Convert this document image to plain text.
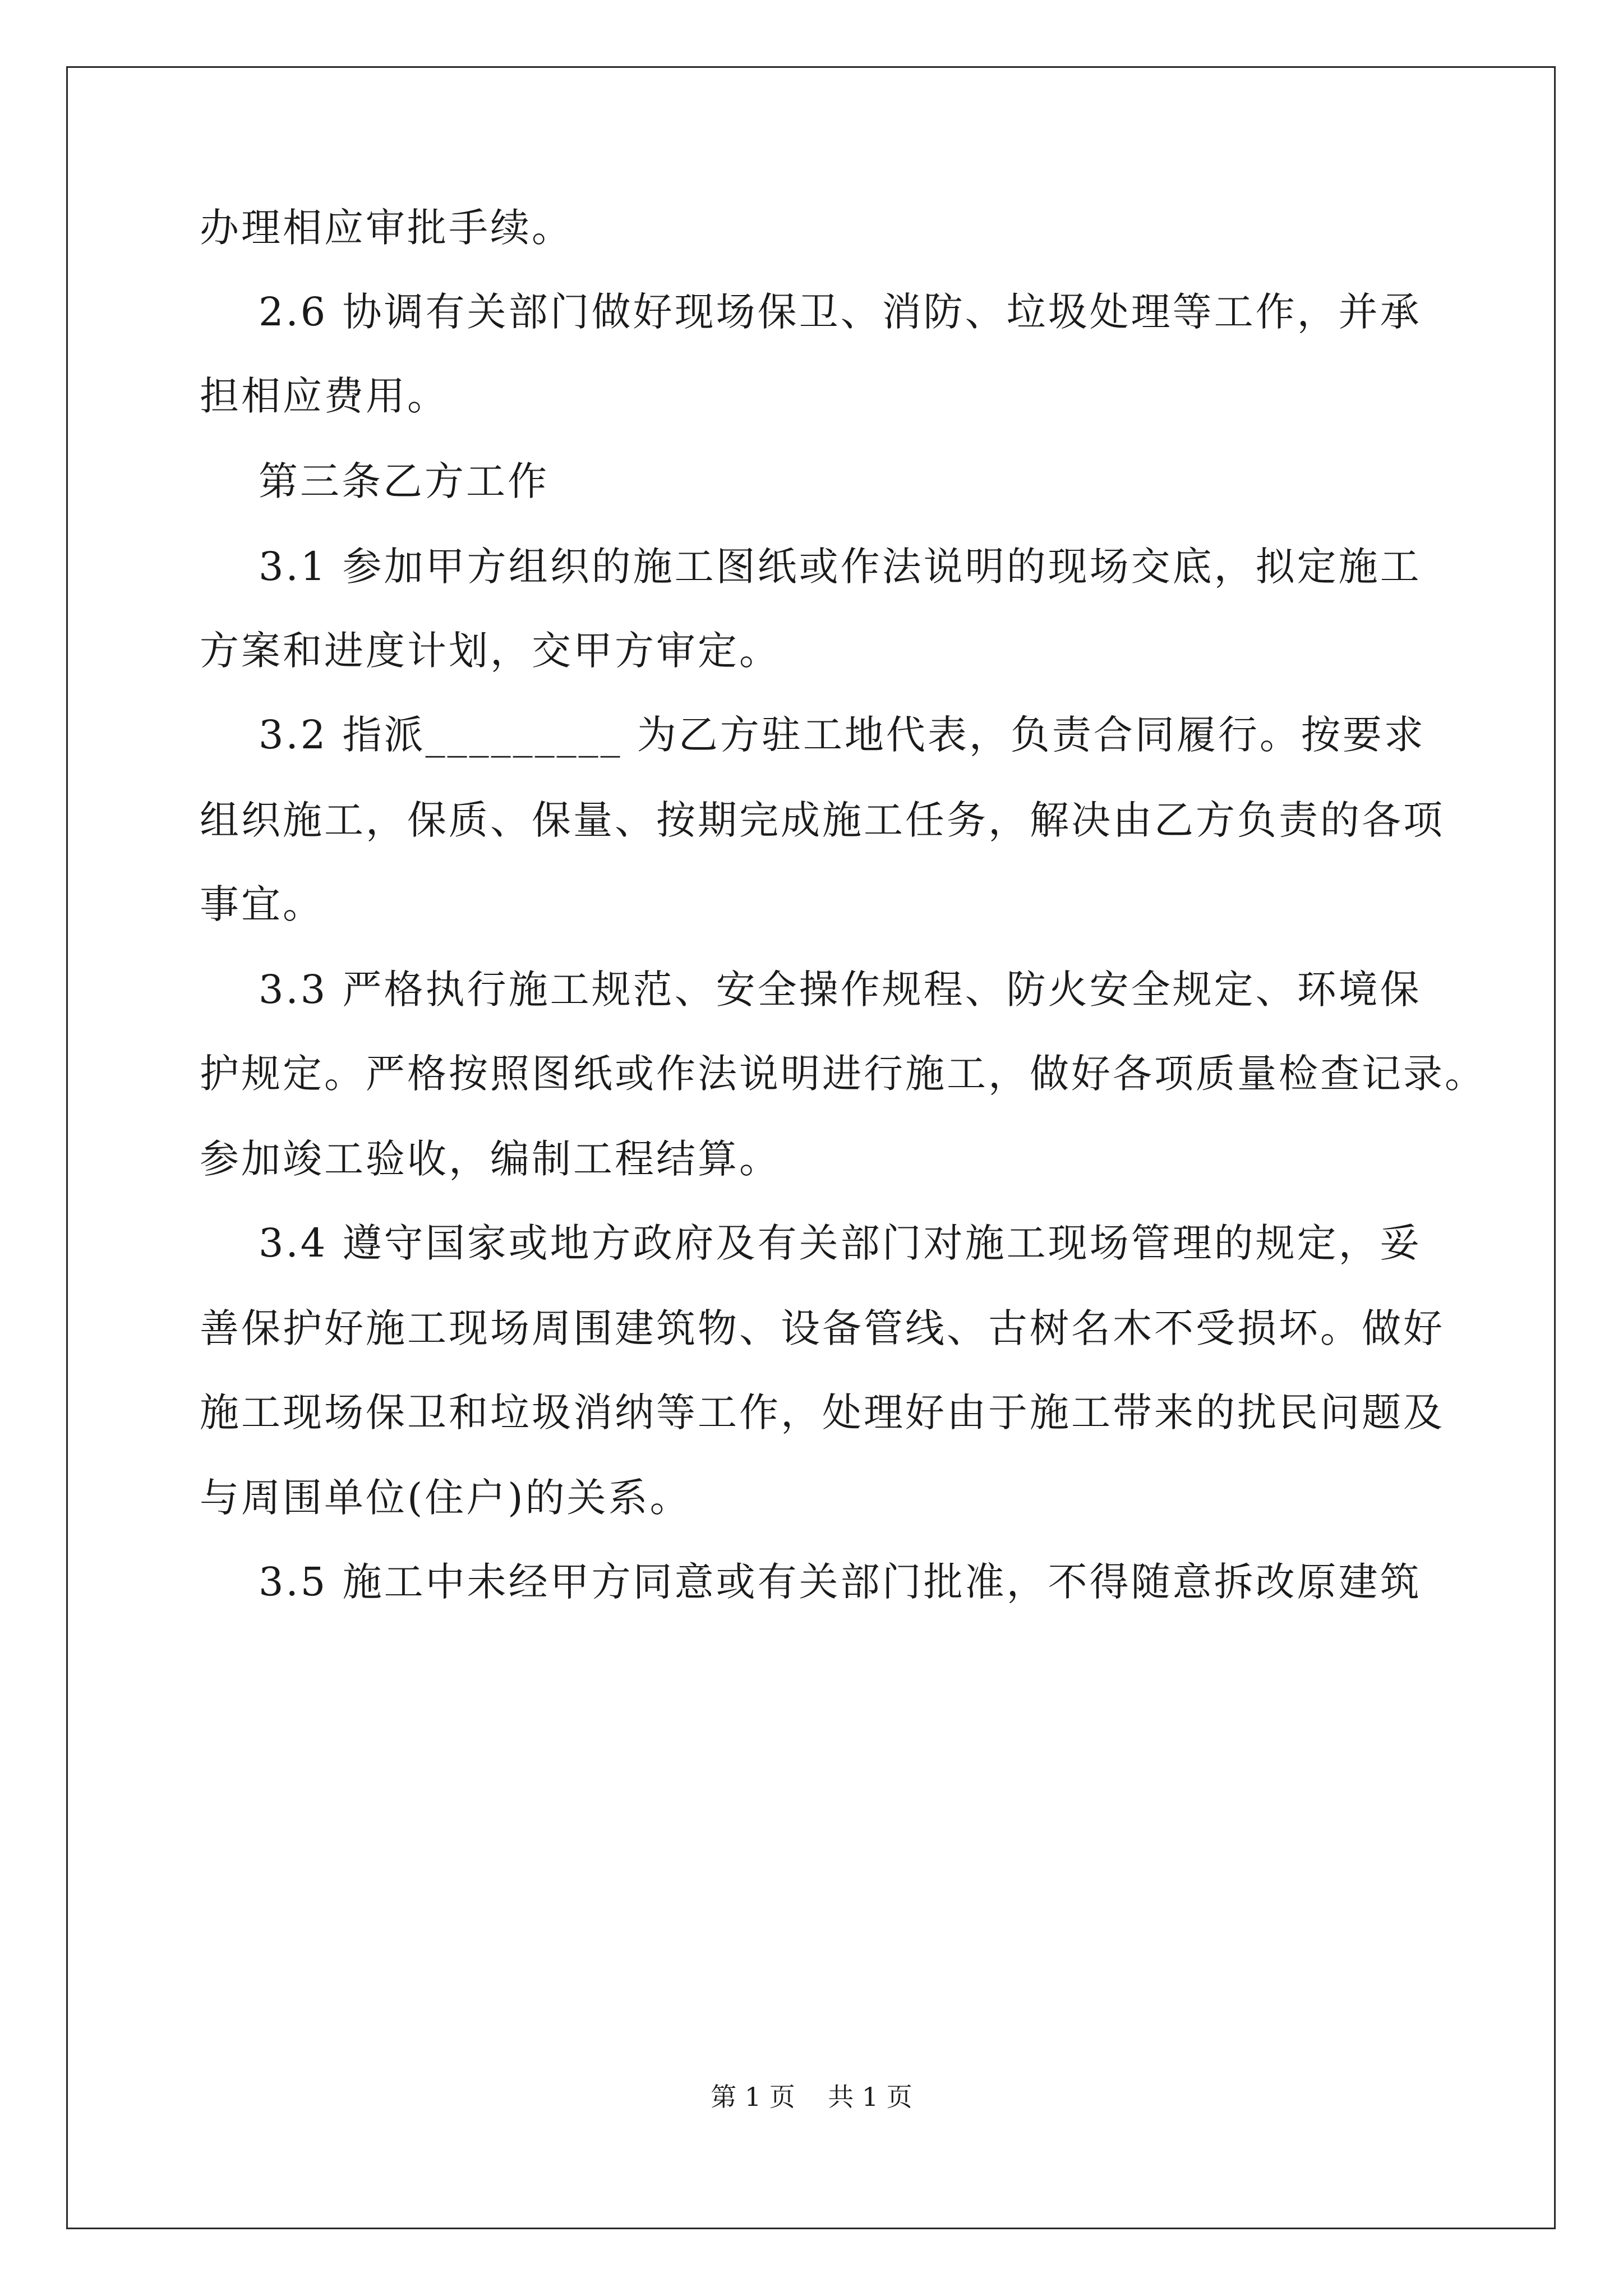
办理相应审批手续。
2.6 协调有关部门做好现场保卫、消防、垃圾处理等工作，并承
担相应费用。
第三条乙方工作
3.1 参加甲方组织的施工图纸或作法说明的现场交底，拟定施工
方案和进度计划，交甲方审定。
3.2 指派_________ 为乙方驻工地代表，负责合同履行。按要求
组织施工，保质、保量、按期完成施工任务，解决由乙方负责的各项
事宜。
3.3 严格执行施工规范、安全操作规程、防火安全规定、环境保
护规定。严格按照图纸或作法说明进行施工，做好各项质量检查记录。
参加竣工验收，编制工程结算。
3.4 遵守国家或地方政府及有关部门对施工现场管理的规定，妥
善保护好施工现场周围建筑物、设备管线、古树名木不受损坏。做好
施工现场保卫和垃圾消纳等工作，处理好由于施工带来的扰民问题及
与周围单位(住户)的关系。
3.5 施工中未经甲方同意或有关部门批准，不得随意拆改原建筑
第 1 页    共 1 页
